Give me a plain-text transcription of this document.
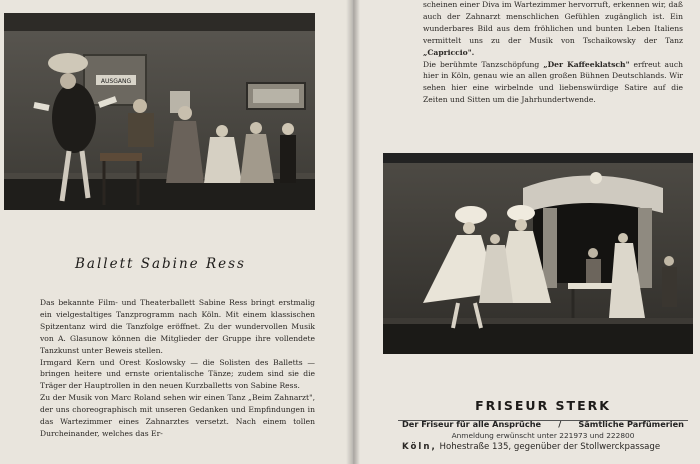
AUSGANG
Ballett Sabine Ress

Das bekannte Film- und Theaterballett Sabine Ress bringt erstmalig ein vielgestaltiges Tanzprogramm nach Köln. Mit einem klassischen Spitzentanz wird die Tanzfolge eröffnet. Zu der wundervollen Musik von A. Glasunow können die Mitglieder der Gruppe ihre vollendete Tanzkunst unter Beweis stellen.

Irmgard Kern und Orest Koslowsky — die Solisten des Balletts — bringen heitere und ernste orientalische Tänze; zudem sind sie die Träger der Hauptrollen in den neuen Kurzballetts von Sabine Ress.

Zu der Musik von Marc Roland sehen wir einen Tanz „Beim Zahnarzt", der uns choreographisch mit unseren Gedanken und Empfindungen in das Wartezimmer eines Zahnarztes versetzt. Nach einem tollen Durcheinander, welches das Er-

scheinen einer Diva im Wartezimmer hervorruft, erkennen wir, daß auch der Zahnarzt menschlichen Gefühlen zugänglich ist. Ein wunderbares Bild aus dem fröhlichen und bunten Leben Italiens vermittelt uns zu der Musik von Tschaikowsky der Tanz „Capriccio".

Die berühmte Tanzschöpfung „Der Kaffeeklatsch" erfreut auch hier in Köln, genau wie an allen großen Bühnen Deutschlands. Wir sehen hier eine wirbelnde und liebenswürdige Satire auf die Zeiten und Sitten um die Jahrhundertwende.

FRISEUR STERK
Der Friseur für alle Ansprüche / Sämtliche Parfümerien
Anmeldung erwünscht unter 221973 und 222800
Köln, Hohestraße 135, gegenüber der Stollwerckpassage
